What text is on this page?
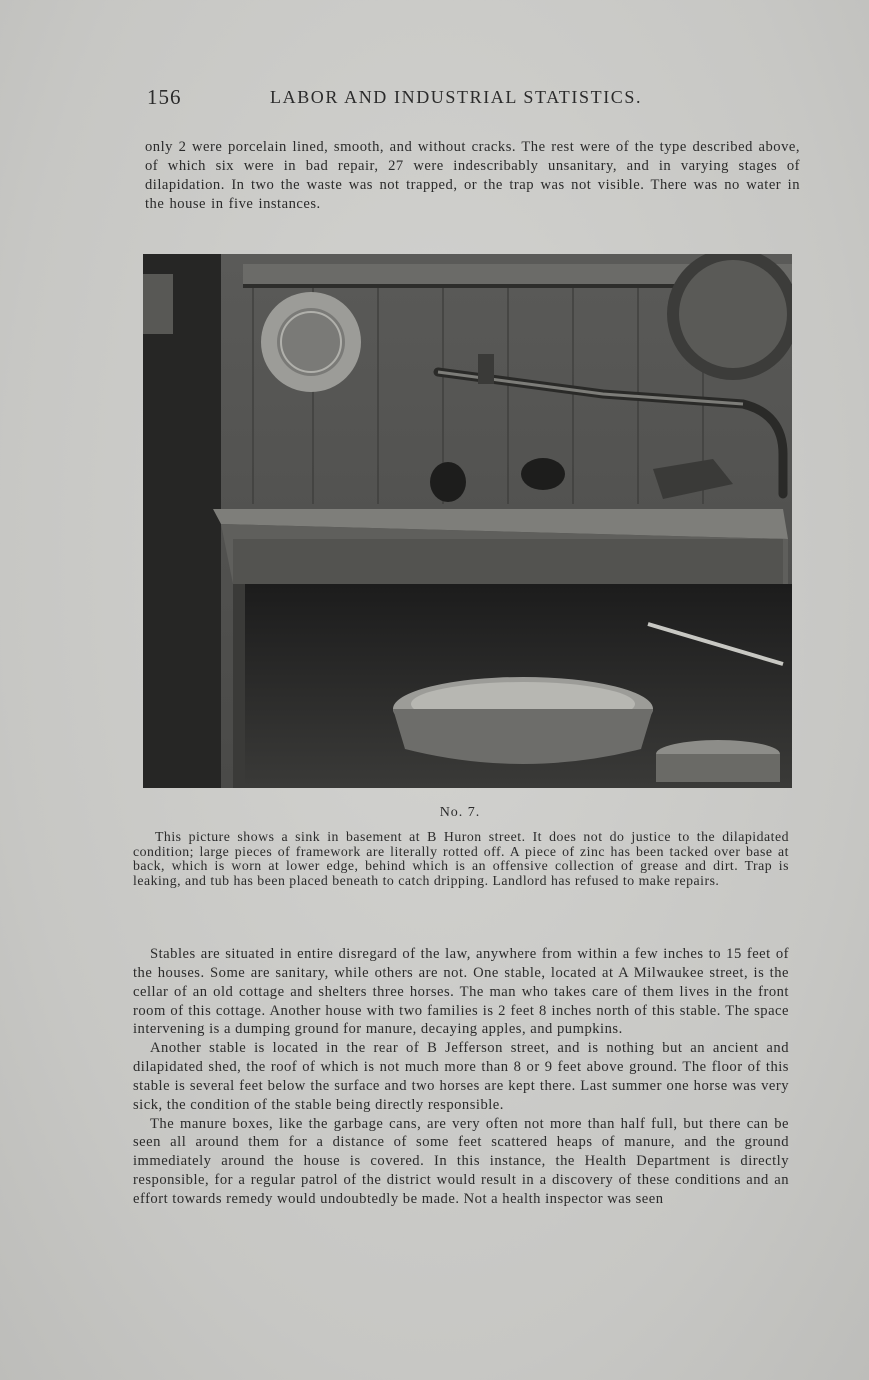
156	LABOR AND INDUSTRIAL STATISTICS.

only 2 were porcelain lined, smooth, and without cracks. The rest were of the type described above, of which six were in bad repair, 27 were indescribably unsanitary, and in varying stages of dilapidation. In two the waste was not trapped, or the trap was not visible. There was no water in the house in five instances.

No. 7.

This picture shows a sink in basement at B Huron street. It does not do justice to the dilapidated condition; large pieces of framework are literally rotted off. A piece of zinc has been tacked over base at back, which is worn at lower edge, behind which is an offensive collection of grease and dirt. Trap is leaking, and tub has been placed beneath to catch dripping. Landlord has refused to make repairs.

Stables are situated in entire disregard of the law, anywhere from within a few inches to 15 feet of the houses. Some are sanitary, while others are not. One stable, located at A Milwaukee street, is the cellar of an old cottage and shelters three horses. The man who takes care of them lives in the front room of this cottage. Another house with two families is 2 feet 8 inches north of this stable. The space intervening is a dumping ground for manure, decaying apples, and pumpkins.

Another stable is located in the rear of B Jefferson street, and is nothing but an ancient and dilapidated shed, the roof of which is not much more than 8 or 9 feet above ground. The floor of this stable is several feet below the surface and two horses are kept there. Last summer one horse was very sick, the condition of the stable being directly responsible.

The manure boxes, like the garbage cans, are very often not more than half full, but there can be seen all around them for a distance of some feet scattered heaps of manure, and the ground immediately around the house is covered. In this instance, the Health Department is directly responsible, for a regular patrol of the district would result in a discovery of these conditions and an effort towards remedy would undoubtedly be made. Not a health inspector was seen
